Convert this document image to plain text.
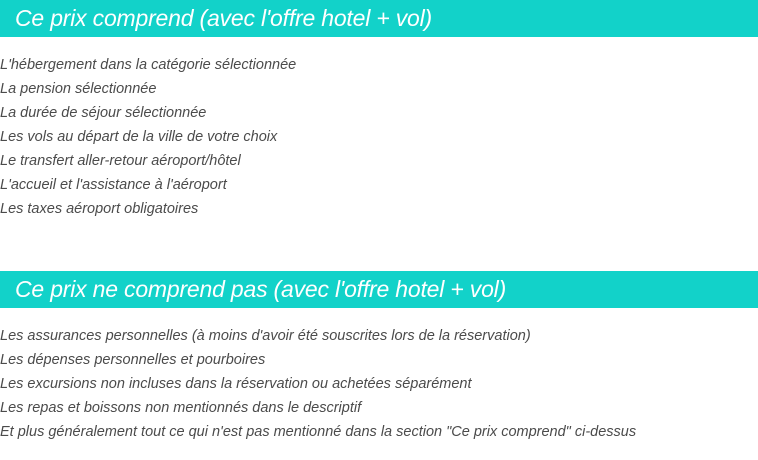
Ce prix comprend (avec l'offre hotel + vol)
L'hébergement dans la catégorie sélectionnée
La pension sélectionnée
La durée de séjour sélectionnée
Les vols au départ de la ville de votre choix
Le transfert aller-retour aéroport/hôtel
L'accueil et l'assistance à l'aéroport
Les taxes aéroport obligatoires
Ce prix ne comprend pas (avec l'offre hotel + vol)
Les assurances personnelles (à moins d'avoir été souscrites lors de la réservation)
Les dépenses personnelles et pourboires
Les excursions non incluses dans la réservation ou achetées séparément
Les repas et boissons non mentionnés dans le descriptif
Et plus généralement tout ce qui n'est pas mentionné dans la section "Ce prix comprend" ci-dessus
